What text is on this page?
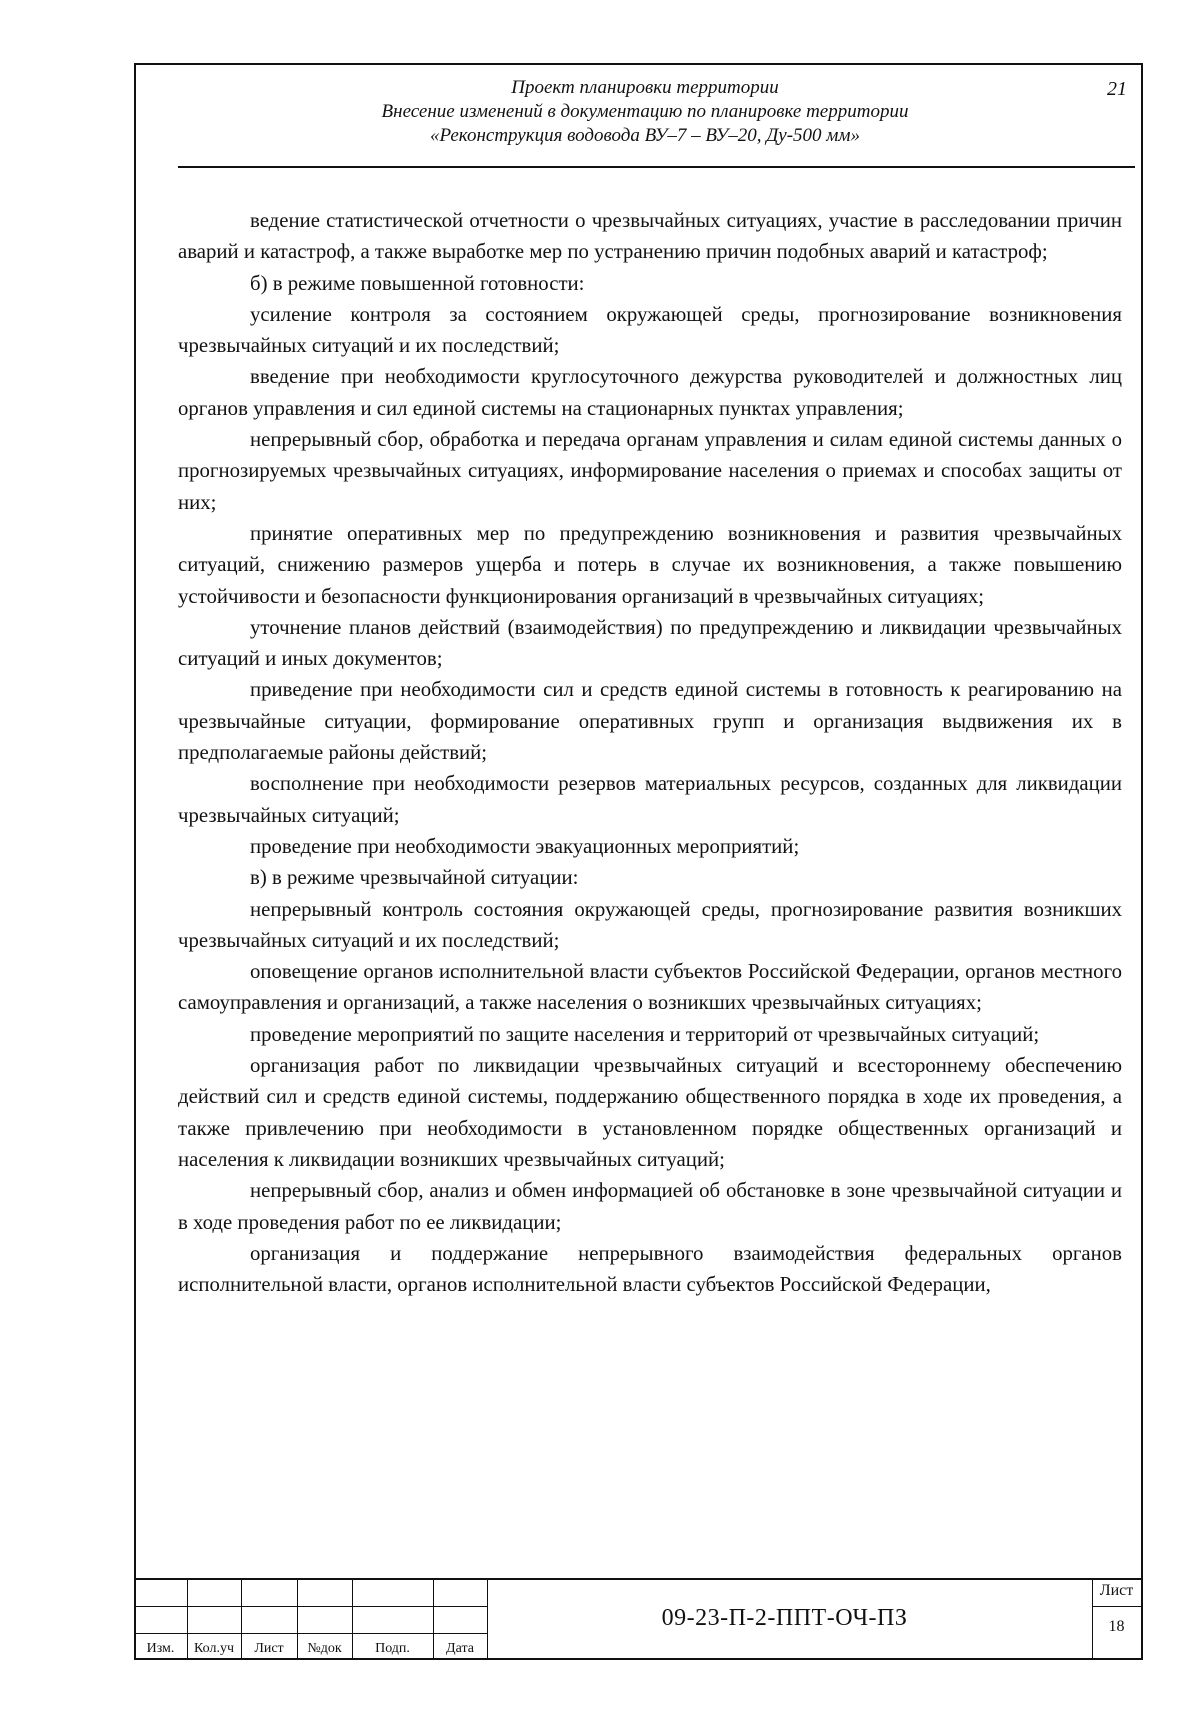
Проект планировки территории
Внесение изменений в документацию по планировке территории
«Реконструкция водовода ВУ–7 – ВУ–20, Ду-500 мм»
21

ведение статистической отчетности о чрезвычайных ситуациях, участие в расследовании причин аварий и катастроф, а также выработке мер по устранению причин подобных аварий и катастроф;

б) в режиме повышенной готовности:

усиление контроля за состоянием окружающей среды, прогнозирование возникновения чрезвычайных ситуаций и их последствий;

введение при необходимости круглосуточного дежурства руководителей и должностных лиц органов управления и сил единой системы на стационарных пунктах управления;

непрерывный сбор, обработка и передача органам управления и силам единой системы данных о прогнозируемых чрезвычайных ситуациях, информирование населения о приемах и способах защиты от них;

принятие оперативных мер по предупреждению возникновения и развития чрезвычайных ситуаций, снижению размеров ущерба и потерь в случае их возникновения, а также повышению устойчивости и безопасности функционирования организаций в чрезвычайных ситуациях;

уточнение планов действий (взаимодействия) по предупреждению и ликвидации чрезвычайных ситуаций и иных документов;

приведение при необходимости сил и средств единой системы в готовность к реагированию на чрезвычайные ситуации, формирование оперативных групп и организация выдвижения их в предполагаемые районы действий;

восполнение при необходимости резервов материальных ресурсов, созданных для ликвидации чрезвычайных ситуаций;

проведение при необходимости эвакуационных мероприятий;

в) в режиме чрезвычайной ситуации:

непрерывный контроль состояния окружающей среды, прогнозирование развития возникших чрезвычайных ситуаций и их последствий;

оповещение органов исполнительной власти субъектов Российской Федерации, органов местного самоуправления и организаций, а также населения о возникших чрезвычайных ситуациях;

проведение мероприятий по защите населения и территорий от чрезвычайных ситуаций;

организация работ по ликвидации чрезвычайных ситуаций и всестороннему обеспечению действий сил и средств единой системы, поддержанию общественного порядка в ходе их проведения, а также привлечению при необходимости в установленном порядке общественных организаций и населения к ликвидации возникших чрезвычайных ситуаций;

непрерывный сбор, анализ и обмен информацией об обстановке в зоне чрезвычайной ситуации и в ходе проведения работ по ее ликвидации;

организация и поддержание непрерывного взаимодействия федеральных органов исполнительной власти, органов исполнительной власти субъектов Российской Федерации,

Изм.	Кол.уч	Лист	№док	Подп.	Дата
09-23-П-2-ППТ-ОЧ-ПЗ
Лист
18
